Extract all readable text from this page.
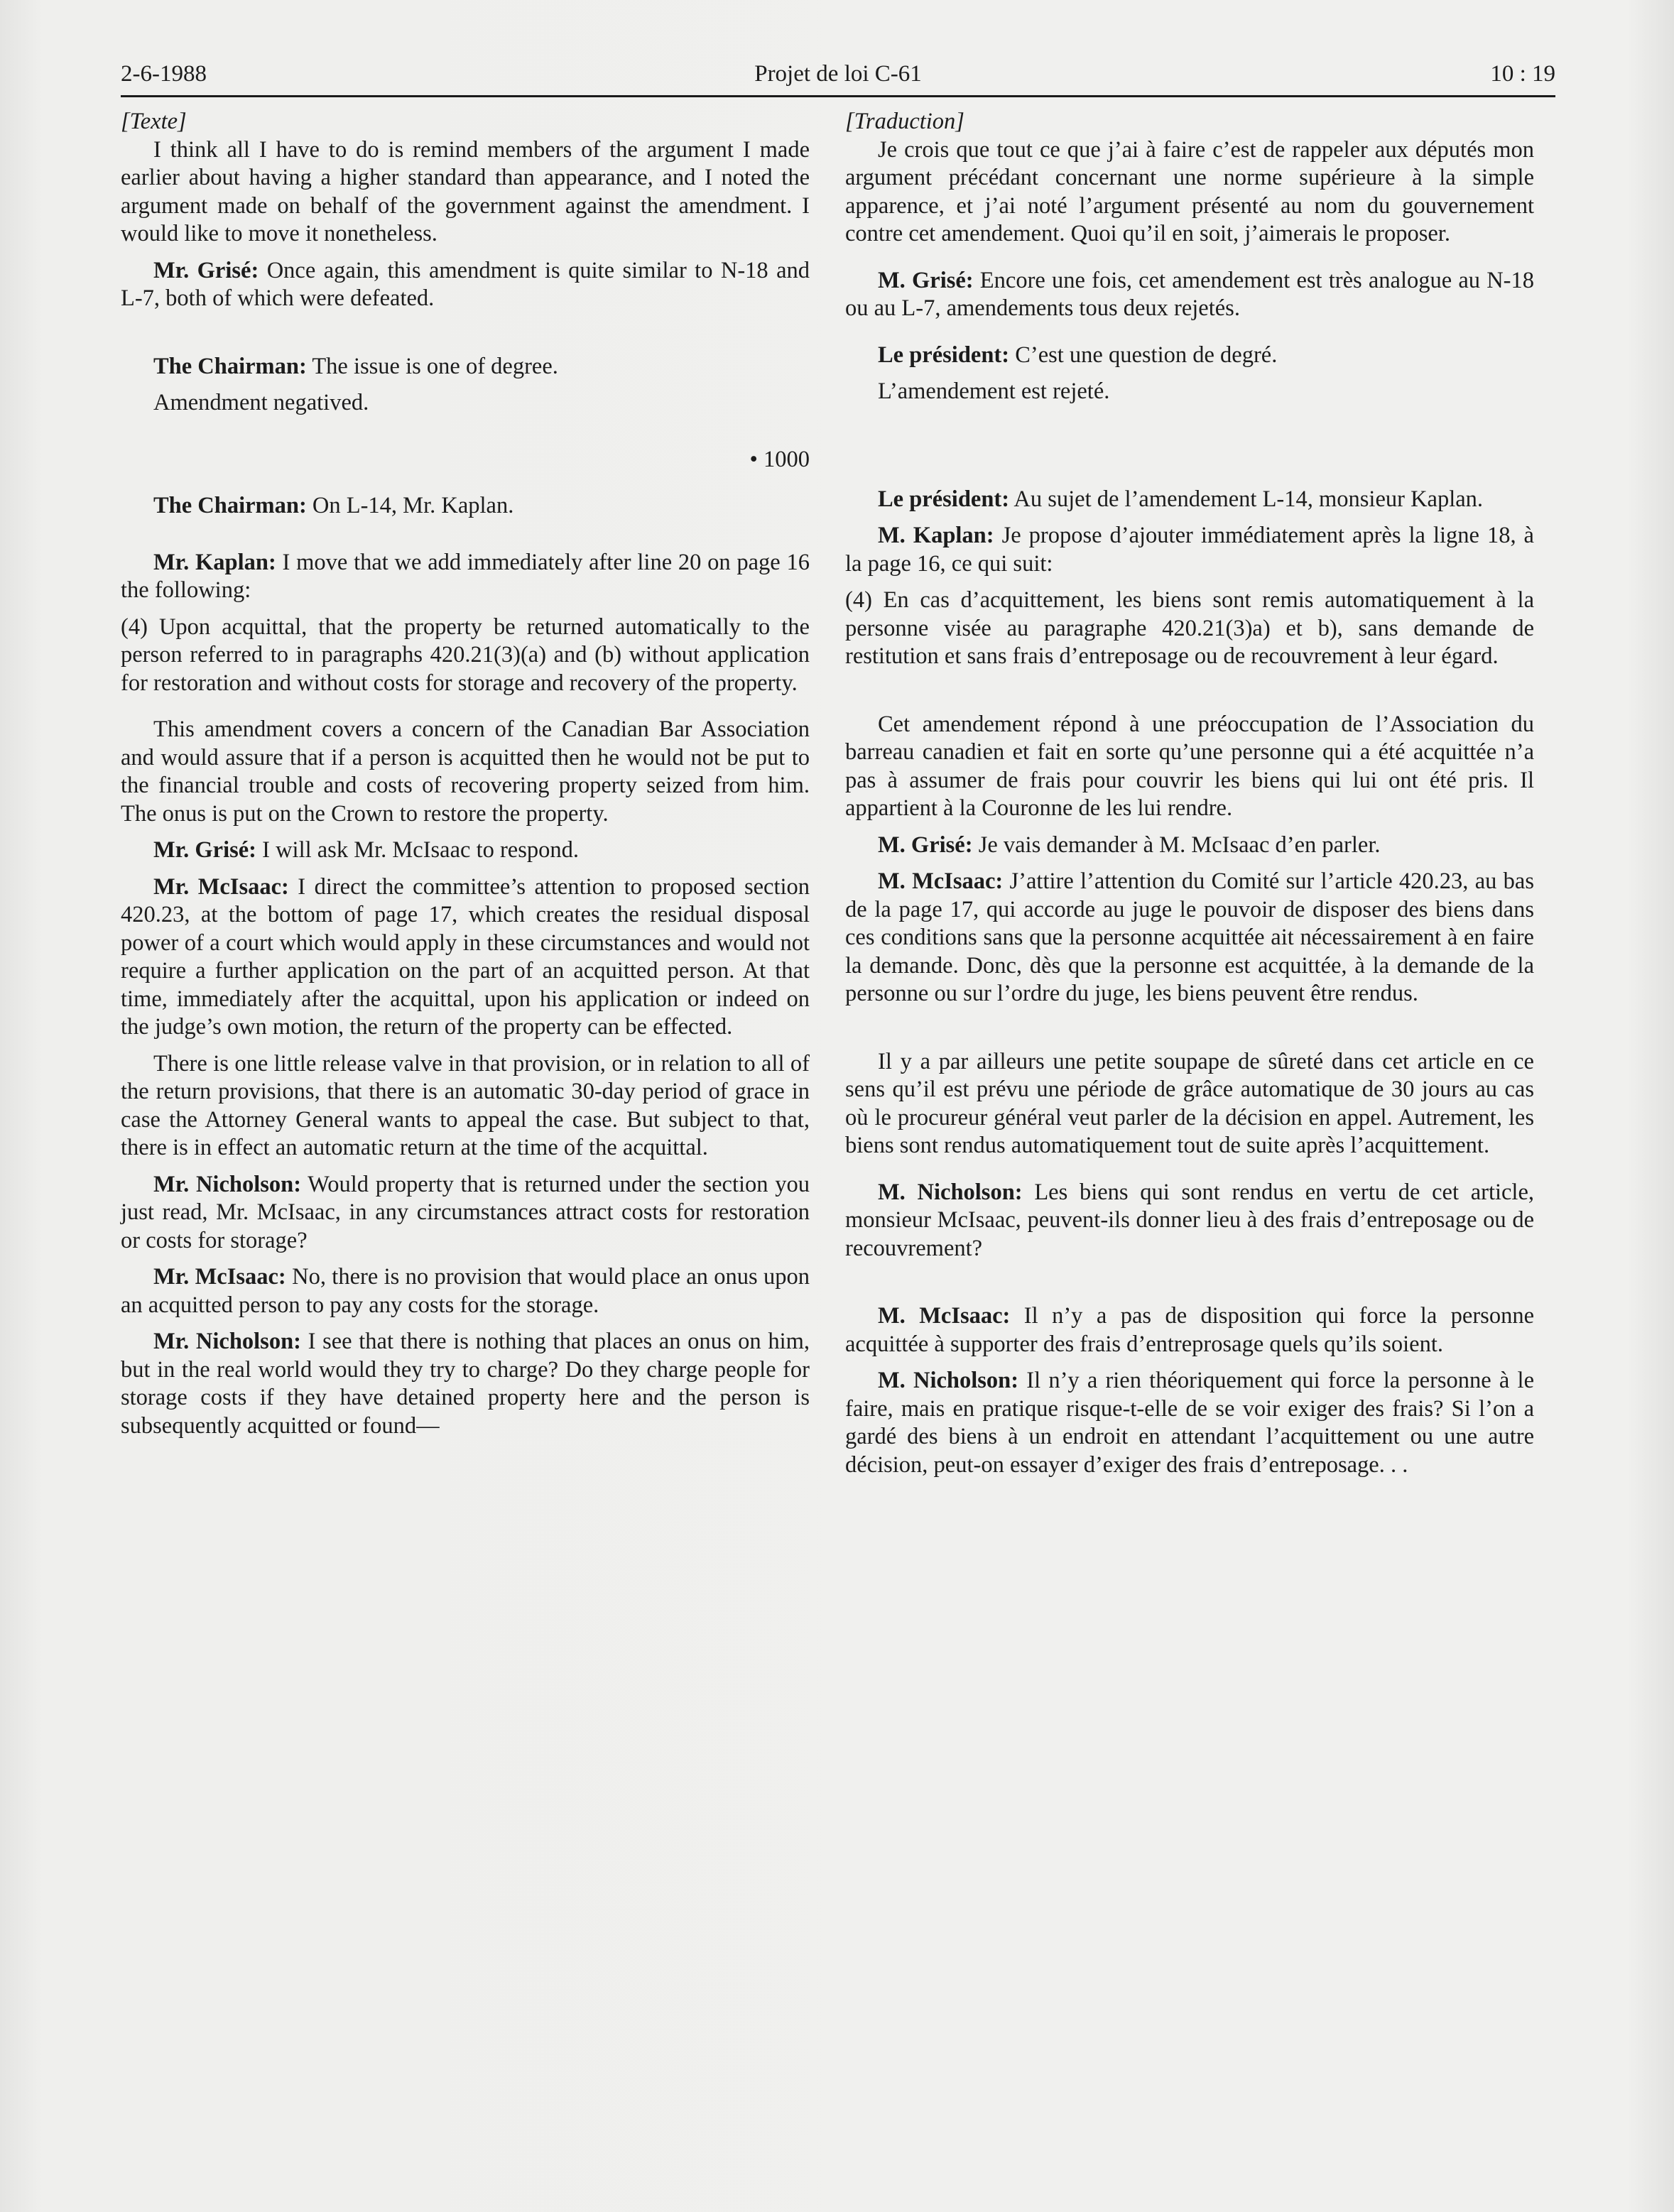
2-6-1988	Projet de loi C-61	10 : 19

[Texte]

I think all I have to do is remind members of the argument I made earlier about having a higher standard than appearance, and I noted the argument made on behalf of the government against the amendment. I would like to move it nonetheless.

Mr. Grisé: Once again, this amendment is quite similar to N-18 and L-7, both of which were defeated.

The Chairman: The issue is one of degree.

Amendment negatived.

• 1000

The Chairman: On L-14, Mr. Kaplan.

Mr. Kaplan: I move that we add immediately after line 20 on page 16 the following:

(4) Upon acquittal, that the property be returned automatically to the person referred to in paragraphs 420.21(3)(a) and (b) without application for restoration and without costs for storage and recovery of the property.

This amendment covers a concern of the Canadian Bar Association and would assure that if a person is acquitted then he would not be put to the financial trouble and costs of recovering property seized from him. The onus is put on the Crown to restore the property.

Mr. Grisé: I will ask Mr. McIsaac to respond.

Mr. McIsaac: I direct the committee’s attention to proposed section 420.23, at the bottom of page 17, which creates the residual disposal power of a court which would apply in these circumstances and would not require a further application on the part of an acquitted person. At that time, immediately after the acquittal, upon his application or indeed on the judge’s own motion, the return of the property can be effected.

There is one little release valve in that provision, or in relation to all of the return provisions, that there is an automatic 30-day period of grace in case the Attorney General wants to appeal the case. But subject to that, there is in effect an automatic return at the time of the acquittal.

Mr. Nicholson: Would property that is returned under the section you just read, Mr. McIsaac, in any circumstances attract costs for restoration or costs for storage?

Mr. McIsaac: No, there is no provision that would place an onus upon an acquitted person to pay any costs for the storage.

Mr. Nicholson: I see that there is nothing that places an onus on him, but in the real world would they try to charge? Do they charge people for storage costs if they have detained property here and the person is subsequently acquitted or found—

[Traduction]

Je crois que tout ce que j’ai à faire c’est de rappeler aux députés mon argument précédant concernant une norme supérieure à la simple apparence, et j’ai noté l’argument présenté au nom du gouvernement contre cet amendement. Quoi qu’il en soit, j’aimerais le proposer.

M. Grisé: Encore une fois, cet amendement est très analogue au N-18 ou au L-7, amendements tous deux rejetés.

Le président: C’est une question de degré.

L’amendement est rejeté.

Le président: Au sujet de l’amendement L-14, monsieur Kaplan.

M. Kaplan: Je propose d’ajouter immédiatement après la ligne 18, à la page 16, ce qui suit:

(4) En cas d’acquittement, les biens sont remis automatiquement à la personne visée au paragraphe 420.21(3)a) et b), sans demande de restitution et sans frais d’entreposage ou de recouvrement à leur égard.

Cet amendement répond à une préoccupation de l’Association du barreau canadien et fait en sorte qu’une personne qui a été acquittée n’a pas à assumer de frais pour couvrir les biens qui lui ont été pris. Il appartient à la Couronne de les lui rendre.

M. Grisé: Je vais demander à M. McIsaac d’en parler.

M. McIsaac: J’attire l’attention du Comité sur l’article 420.23, au bas de la page 17, qui accorde au juge le pouvoir de disposer des biens dans ces conditions sans que la personne acquittée ait nécessairement à en faire la demande. Donc, dès que la personne est acquittée, à la demande de la personne ou sur l’ordre du juge, les biens peuvent être rendus.

Il y a par ailleurs une petite soupape de sûreté dans cet article en ce sens qu’il est prévu une période de grâce automatique de 30 jours au cas où le procureur général veut parler de la décision en appel. Autrement, les biens sont rendus automatiquement tout de suite après l’acquittement.

M. Nicholson: Les biens qui sont rendus en vertu de cet article, monsieur McIsaac, peuvent-ils donner lieu à des frais d’entreposage ou de recouvrement?

M. McIsaac: Il n’y a pas de disposition qui force la personne acquittée à supporter des frais d’entreprosage quels qu’ils soient.

M. Nicholson: Il n’y a rien théoriquement qui force la personne à le faire, mais en pratique risque-t-elle de se voir exiger des frais? Si l’on a gardé des biens à un endroit en attendant l’acquittement ou une autre décision, peut-on essayer d’exiger des frais d’entreposage. . .
